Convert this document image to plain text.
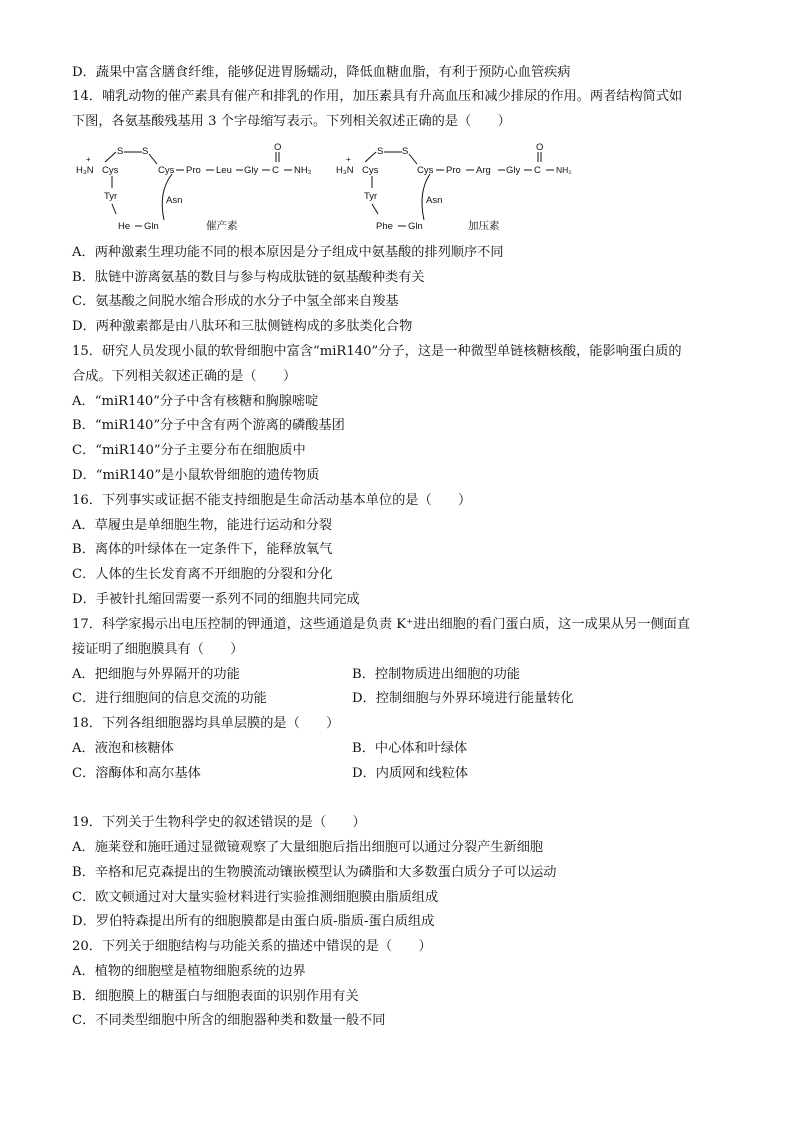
D．蔬果中富含膳食纤维，能够促进胃肠蠕动，降低血糖血脂，有利于预防心血管疾病
14．哺乳动物的催产素具有催产和排乳的作用，加压素具有升高血压和减少排尿的作用。两者结构简式如
下图，各氨基酸残基用 3 个字母缩写表示。下列相关叙述正确的是（　　）
A．两种激素生理功能不同的根本原因是分子组成中氨基酸的排列顺序不同
B．肽链中游离氨基的数目与参与构成肽链的氨基酸种类有关
C．氨基酸之间脱水缩合形成的水分子中氢全部来自羧基
D．两种激素都是由八肽环和三肽侧链构成的多肽类化合物
15．研究人员发现小鼠的软骨细胞中富含“miR140”分子，这是一种微型单链核糖核酸，能影响蛋白质的
合成。下列相关叙述正确的是（　　）
A．“miR140”分子中含有核糖和胸腺嘧啶
B．“miR140”分子中含有两个游离的磷酸基团
C．“miR140”分子主要分布在细胞质中
D．“miR140”是小鼠软骨细胞的遗传物质
16．下列事实或证据不能支持细胞是生命活动基本单位的是（　　）
A．草履虫是单细胞生物，能进行运动和分裂
B．离体的叶绿体在一定条件下，能释放氧气
C．人体的生长发育离不开细胞的分裂和分化
D．手被针扎缩回需要一系列不同的细胞共同完成
17．科学家揭示出电压控制的钾通道，这些通道是负责 K⁺进出细胞的看门蛋白质，这一成果从另一侧面直
接证明了细胞膜具有（　　）
18．下列各组细胞器均具单层膜的是（　　）
19．下列关于生物科学史的叙述错误的是（　　）
A．施莱登和施旺通过显微镜观察了大量细胞后指出细胞可以通过分裂产生新细胞
B．辛格和尼克森提出的生物膜流动镶嵌模型认为磷脂和大多数蛋白质分子可以运动
C．欧文顿通过对大量实验材料进行实验推测细胞膜由脂质组成
D．罗伯特森提出所有的细胞膜都是由蛋白质-脂质-蛋白质组成
20．下列关于细胞结构与功能关系的描述中错误的是（　　）
A．植物的细胞壁是植物细胞系统的边界
B．细胞膜上的糖蛋白与细胞表面的识别作用有关
C．不同类型细胞中所含的细胞器种类和数量一般不同
A．把细胞与外界隔开的功能	B．控制物质进出细胞的功能
C．进行细胞间的信息交流的功能	D．控制细胞与外界环境进行能量转化
A．液泡和核糖体	B．中心体和叶绿体
C．溶酶体和高尔基体	D．内质网和线粒体
H₃N
+
S S
Cys	Cys Pro Leu Gly C
O
NH₂
Tyr	Asn
He Gln	催产素
H₃N
+
S S
Cys	Cys Pro Arg Gly C
O
NH₂
Tyr	Asn
Phe Gln	加压素
